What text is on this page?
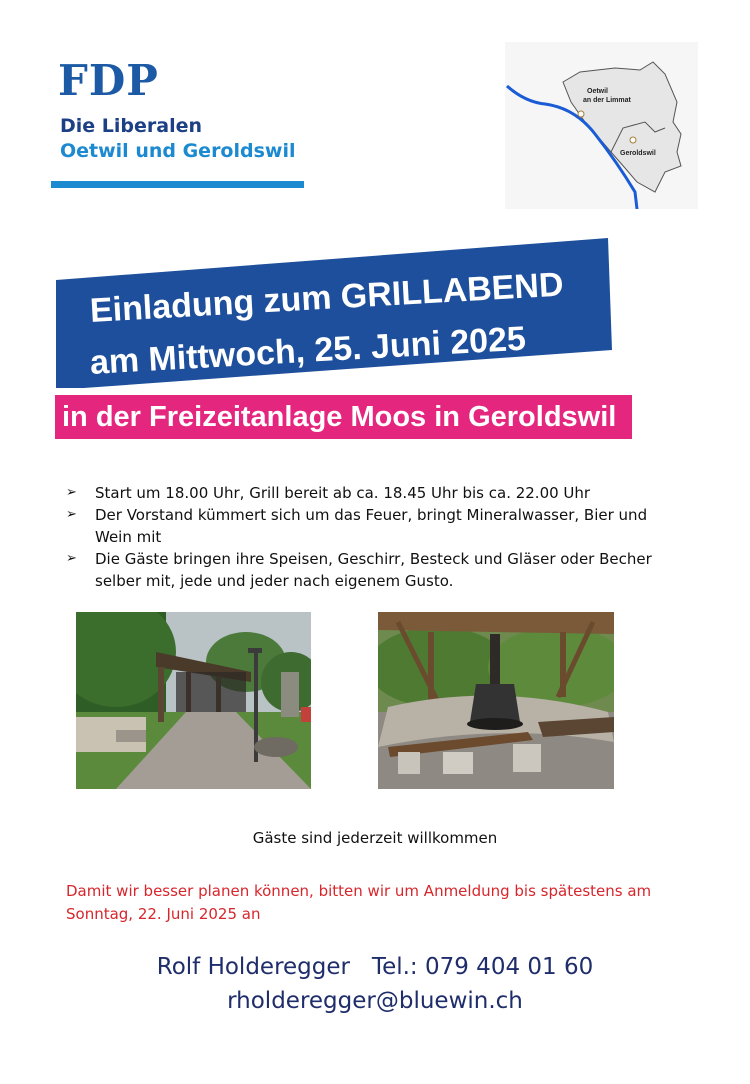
FDP
Die Liberalen
Oetwil und Geroldswil
Oetwil
an der Limmat
Geroldswil
Einladung zum GRILLABEND
am Mittwoch, 25. Juni 2025
in der Freizeitanlage Moos in Geroldswil
➢ Start um 18.00 Uhr, Grill bereit ab ca. 18.45 Uhr bis ca. 22.00 Uhr
➢ Der Vorstand kümmert sich um das Feuer, bringt Mineralwasser, Bier und Wein mit
➢ Die Gäste bringen ihre Speisen, Geschirr, Besteck und Gläser oder Becher selber mit, jede und jeder nach eigenem Gusto.
Gäste sind jederzeit willkommen
Damit wir besser planen können, bitten wir um Anmeldung bis spätestens am Sonntag, 22. Juni 2025 an
Rolf Holderegger Tel.: 079 404 01 60
rholderegger@bluewin.ch
